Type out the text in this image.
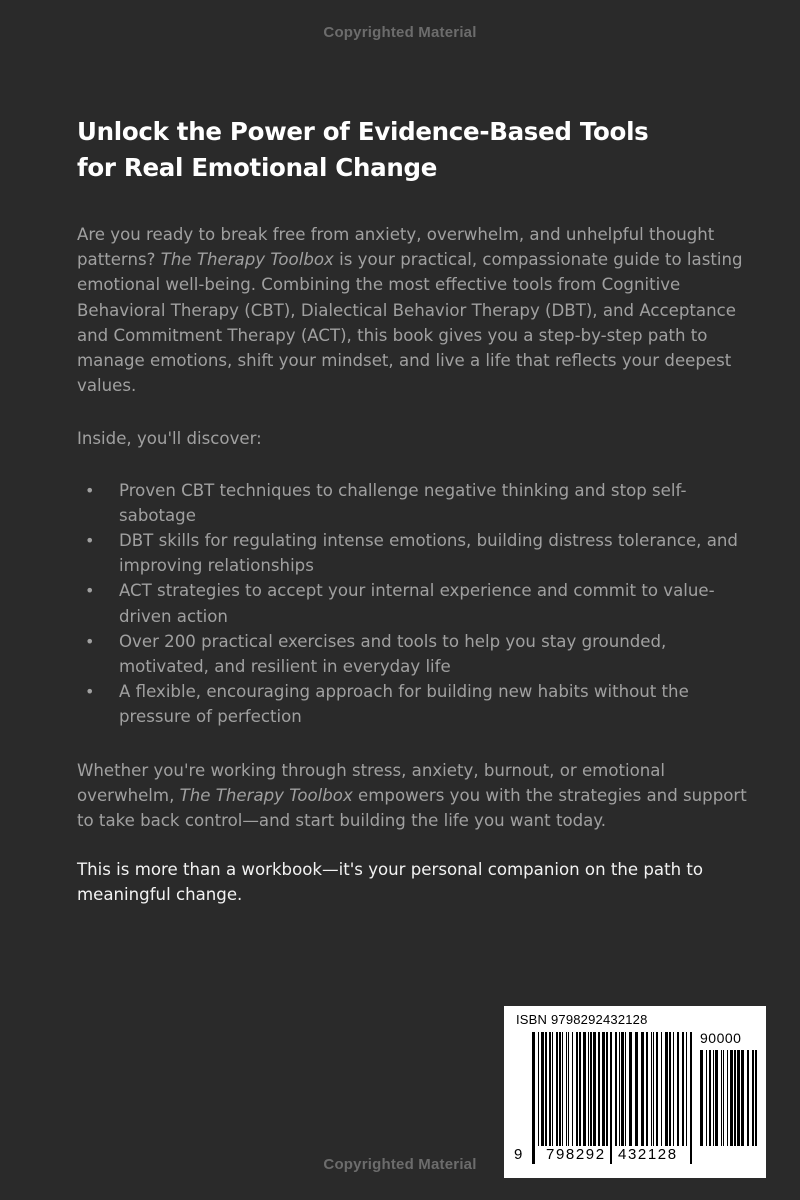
Copyrighted Material
Unlock the Power of Evidence-Based Tools
for Real Emotional Change

Are you ready to break free from anxiety, overwhelm, and unhelpful thought patterns? The Therapy Toolbox is your practical, compassionate guide to lasting emotional well-being. Combining the most effective tools from Cognitive Behavioral Therapy (CBT), Dialectical Behavior Therapy (DBT), and Acceptance and Commitment Therapy (ACT), this book gives you a step-by-step path to manage emotions, shift your mindset, and live a life that reflects your deepest values.

Inside, you'll discover:

• Proven CBT techniques to challenge negative thinking and stop self-sabotage
• DBT skills for regulating intense emotions, building distress tolerance, and improving relationships
• ACT strategies to accept your internal experience and commit to value-driven action
• Over 200 practical exercises and tools to help you stay grounded, motivated, and resilient in everyday life
• A flexible, encouraging approach for building new habits without the pressure of perfection

Whether you're working through stress, anxiety, burnout, or emotional overwhelm, The Therapy Toolbox empowers you with the strategies and support to take back control—and start building the life you want today.

This is more than a workbook—it's your personal companion on the path to meaningful change.

ISBN 9798292432128
90000
9 798292 432128
Copyrighted Material
